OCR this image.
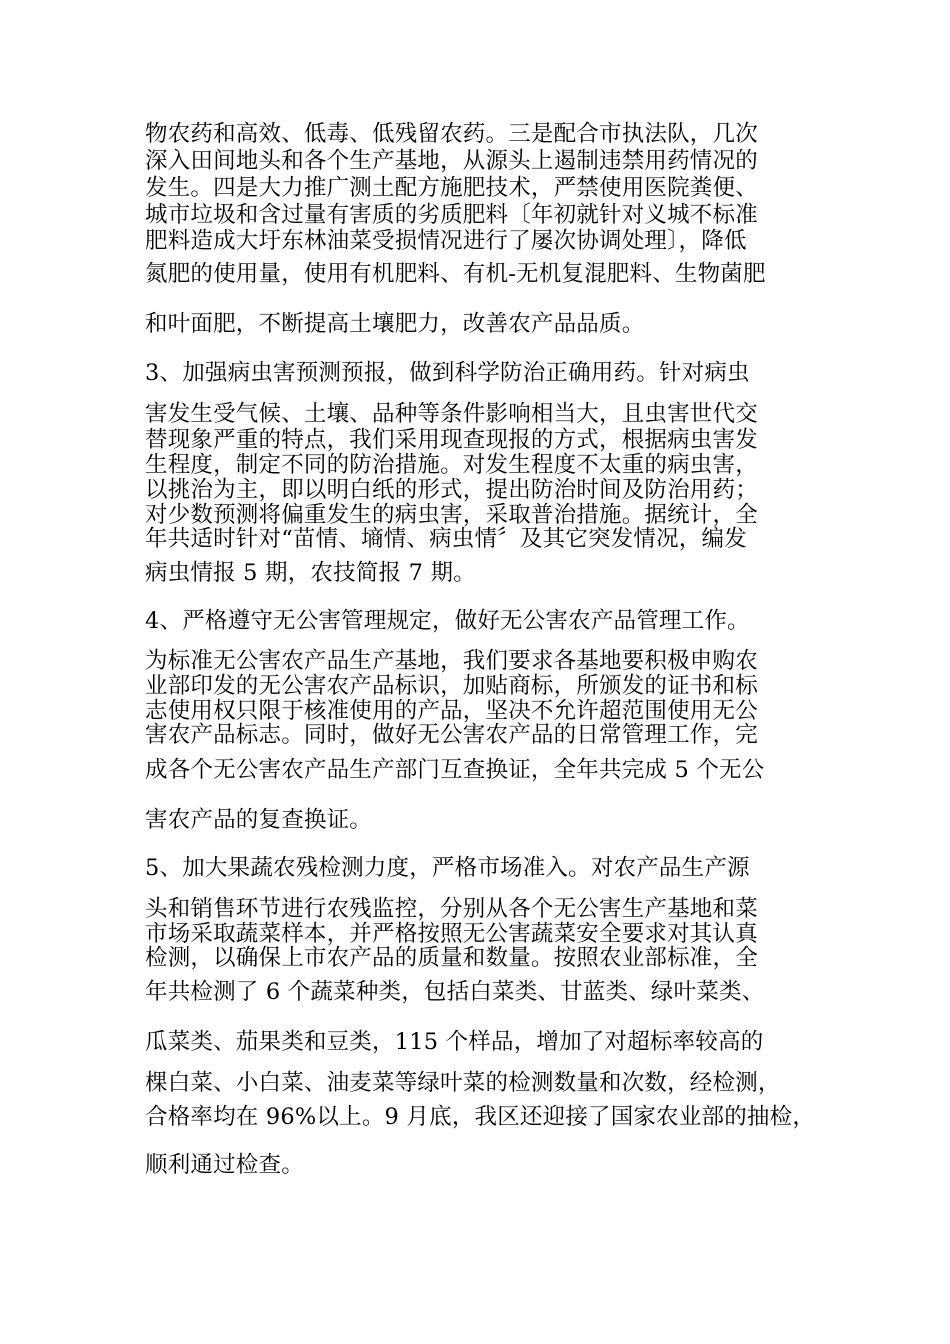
物农药和高效、低毒、低残留农药。三是配合市执法队，几次
深入田间地头和各个生产基地，从源头上遏制违禁用药情况的
发生。四是大力推广测土配方施肥技术，严禁使用医院粪便、
城市垃圾和含过量有害质的劣质肥料〔年初就针对义城不标准
肥料造成大圩东林油菜受损情况进行了屡次协调处理〕，降低
氮肥的使用量，使用有机肥料、有机-无机复混肥料、生物菌肥
和叶面肥，不断提高土壤肥力，改善农产品品质。
3、加强病虫害预测预报，做到科学防治正确用药。针对病虫
害发生受气候、土壤、品种等条件影响相当大，且虫害世代交
替现象严重的特点，我们采用现查现报的方式，根据病虫害发
生程度，制定不同的防治措施。对发生程度不太重的病虫害，
以挑治为主，即以明白纸的形式，提出防治时间及防治用药；
对少数预测将偏重发生的病虫害，采取普治措施。据统计，全
年共适时针对“苗情、墒情、病虫情〞及其它突发情况，编发
病虫情报 5 期，农技简报 7 期。
4、严格遵守无公害管理规定，做好无公害农产品管理工作。
为标准无公害农产品生产基地，我们要求各基地要积极申购农
业部印发的无公害农产品标识，加贴商标，所颁发的证书和标
志使用权只限于核准使用的产品，坚决不允许超范围使用无公
害农产品标志。同时，做好无公害农产品的日常管理工作，完
成各个无公害农产品生产部门互查换证，全年共完成 5 个无公
害农产品的复查换证。
5、加大果蔬农残检测力度，严格市场准入。对农产品生产源
头和销售环节进行农残监控，分别从各个无公害生产基地和菜
市场采取蔬菜样本，并严格按照无公害蔬菜安全要求对其认真
检测，以确保上市农产品的质量和数量。按照农业部标准，全
年共检测了 6 个蔬菜种类，包括白菜类、甘蓝类、绿叶菜类、
瓜菜类、茄果类和豆类，115 个样品，增加了对超标率较高的
棵白菜、小白菜、油麦菜等绿叶菜的检测数量和次数，经检测，
合格率均在 96%以上。9 月底，我区还迎接了国家农业部的抽检，
顺利通过检查。
